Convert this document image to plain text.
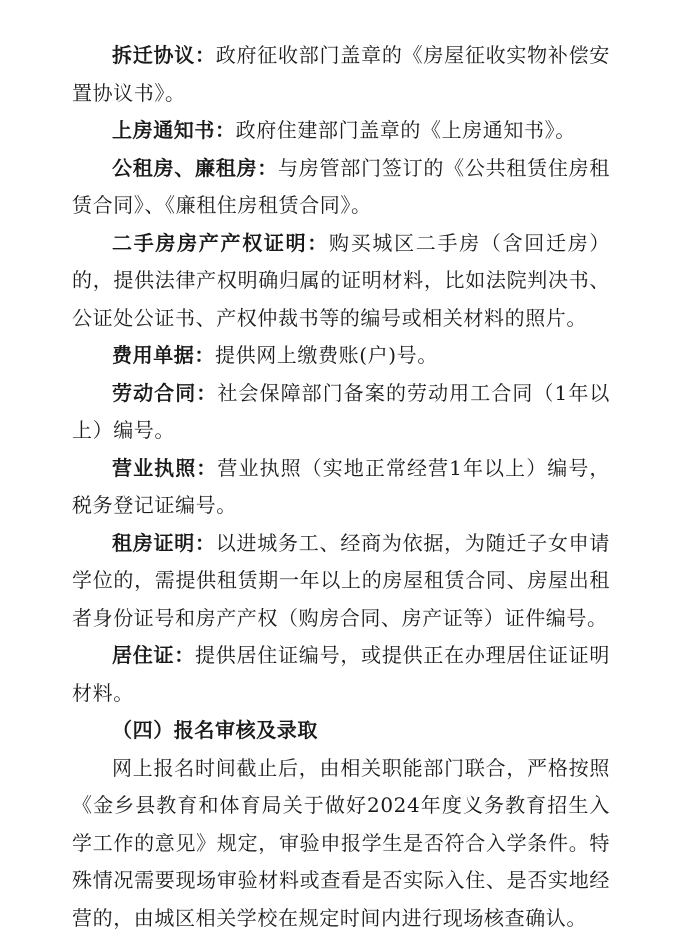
拆迁协议：政府征收部门盖章的《房屋征收实物补偿安置协议书》。

上房通知书：政府住建部门盖章的《上房通知书》。

公租房、廉租房：与房管部门签订的《公共租赁住房租赁合同》、《廉租住房租赁合同》。

二手房房产产权证明：购买城区二手房（含回迁房）的，提供法律产权明确归属的证明材料，比如法院判决书、公证处公证书、产权仲裁书等的编号或相关材料的照片。

费用单据：提供网上缴费账(户)号。

劳动合同：社会保障部门备案的劳动用工合同（1年以上）编号。

营业执照：营业执照（实地正常经营1年以上）编号，税务登记证编号。

租房证明：以进城务工、经商为依据，为随迁子女申请学位的，需提供租赁期一年以上的房屋租赁合同、房屋出租者身份证号和房产产权（购房合同、房产证等）证件编号。

居住证：提供居住证编号，或提供正在办理居住证证明材料。

（四）报名审核及录取

网上报名时间截止后，由相关职能部门联合，严格按照《金乡县教育和体育局关于做好2024年度义务教育招生入学工作的意见》规定，审验申报学生是否符合入学条件。特殊情况需要现场审验材料或查看是否实际入住、是否实地经营的，由城区相关学校在规定时间内进行现场核查确认。
